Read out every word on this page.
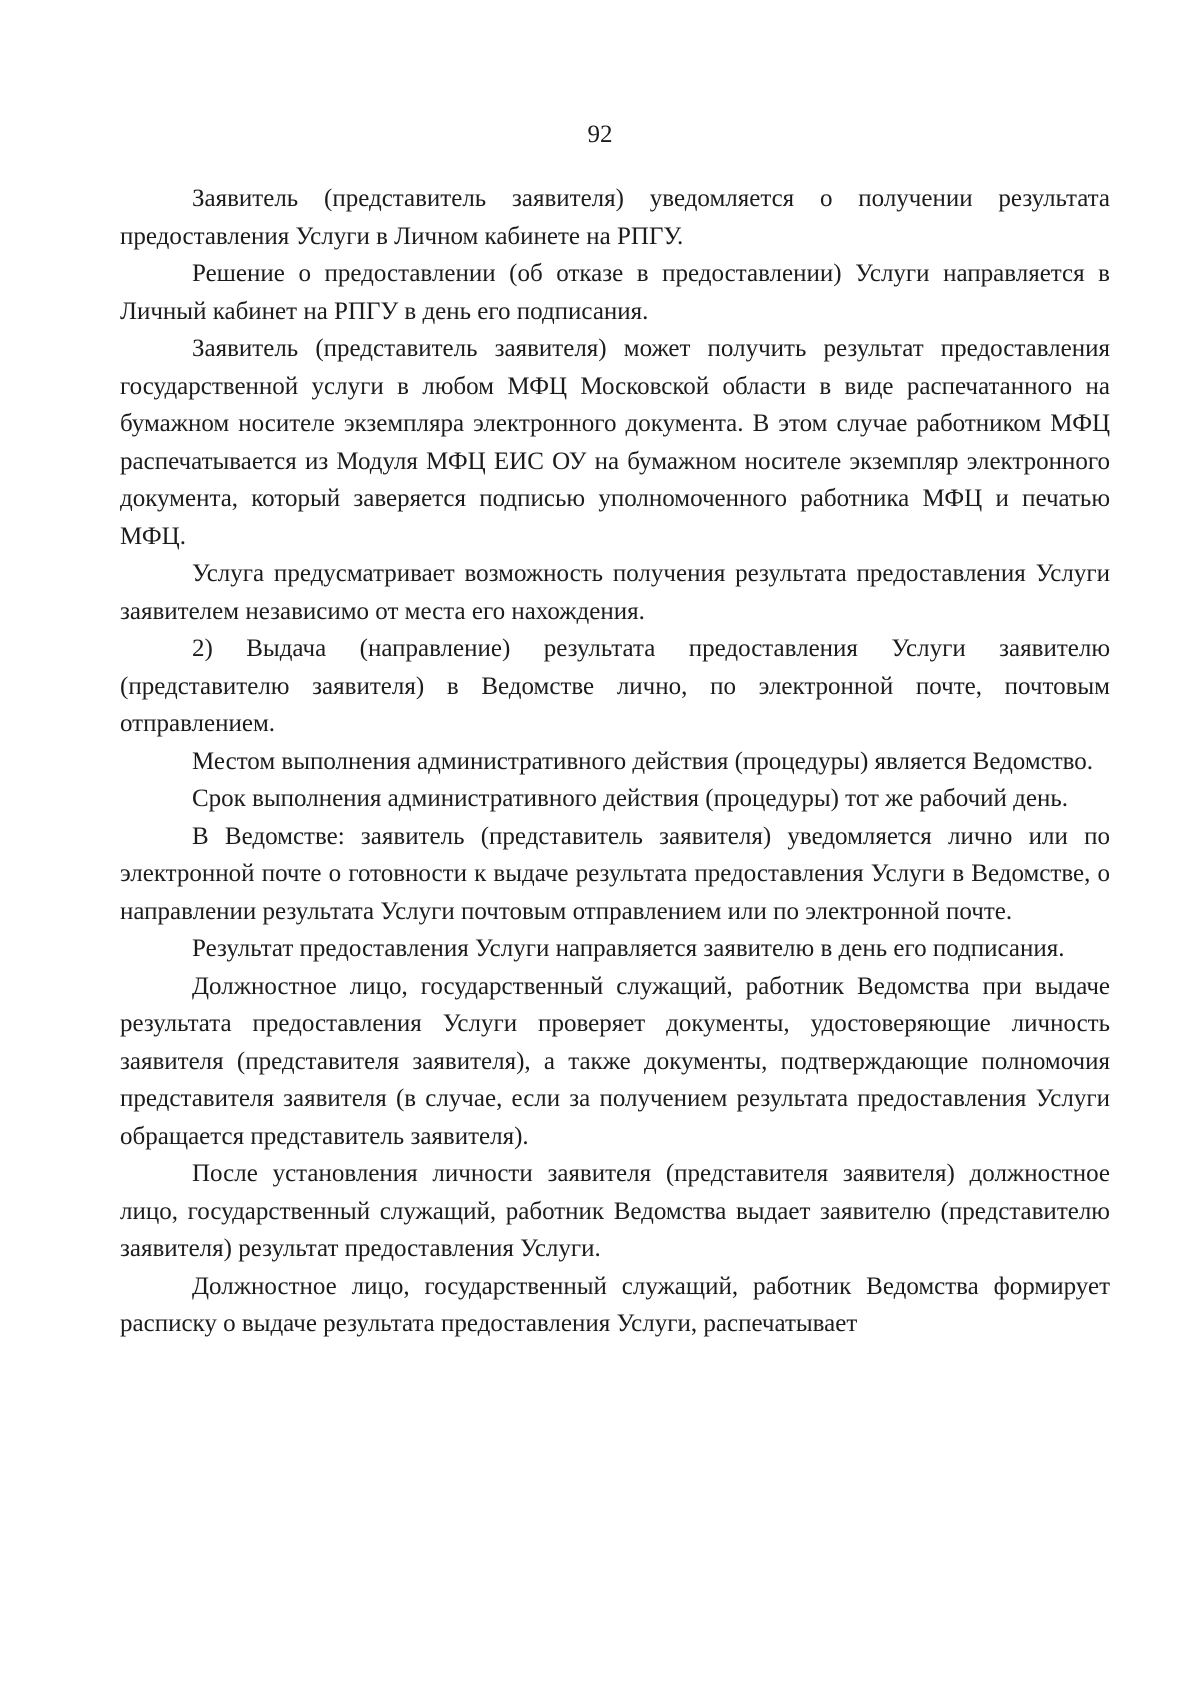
92

Заявитель (представитель заявителя) уведомляется о получении результата предоставления Услуги в Личном кабинете на РПГУ.

Решение о предоставлении (об отказе в предоставлении) Услуги направляется в Личный кабинет на РПГУ в день его подписания.

Заявитель (представитель заявителя) может получить результат предоставления государственной услуги в любом МФЦ Московской области в виде распечатанного на бумажном носителе экземпляра электронного документа. В этом случае работником МФЦ распечатывается из Модуля МФЦ ЕИС ОУ на бумажном носителе экземпляр электронного документа, который заверяется подписью уполномоченного работника МФЦ и печатью МФЦ.

Услуга предусматривает возможность получения результата предоставления Услуги заявителем независимо от места его нахождения.

2) Выдача (направление) результата предоставления Услуги заявителю (представителю заявителя) в Ведомстве лично, по электронной почте, почтовым отправлением.

Местом выполнения административного действия (процедуры) является Ведомство.

Срок выполнения административного действия (процедуры) тот же рабочий день.

В Ведомстве: заявитель (представитель заявителя) уведомляется лично или по электронной почте о готовности к выдаче результата предоставления Услуги в Ведомстве, о направлении результата Услуги почтовым отправлением или по электронной почте.

Результат предоставления Услуги направляется заявителю в день его подписания.

Должностное лицо, государственный служащий, работник Ведомства при выдаче результата предоставления Услуги проверяет документы, удостоверяющие личность заявителя (представителя заявителя), а также документы, подтверждающие полномочия представителя заявителя (в случае, если за получением результата предоставления Услуги обращается представитель заявителя).

После установления личности заявителя (представителя заявителя) должностное лицо, государственный служащий, работник Ведомства выдает заявителю (представителю заявителя) результат предоставления Услуги.

Должностное лицо, государственный служащий, работник Ведомства формирует расписку о выдаче результата предоставления Услуги, распечатывает
